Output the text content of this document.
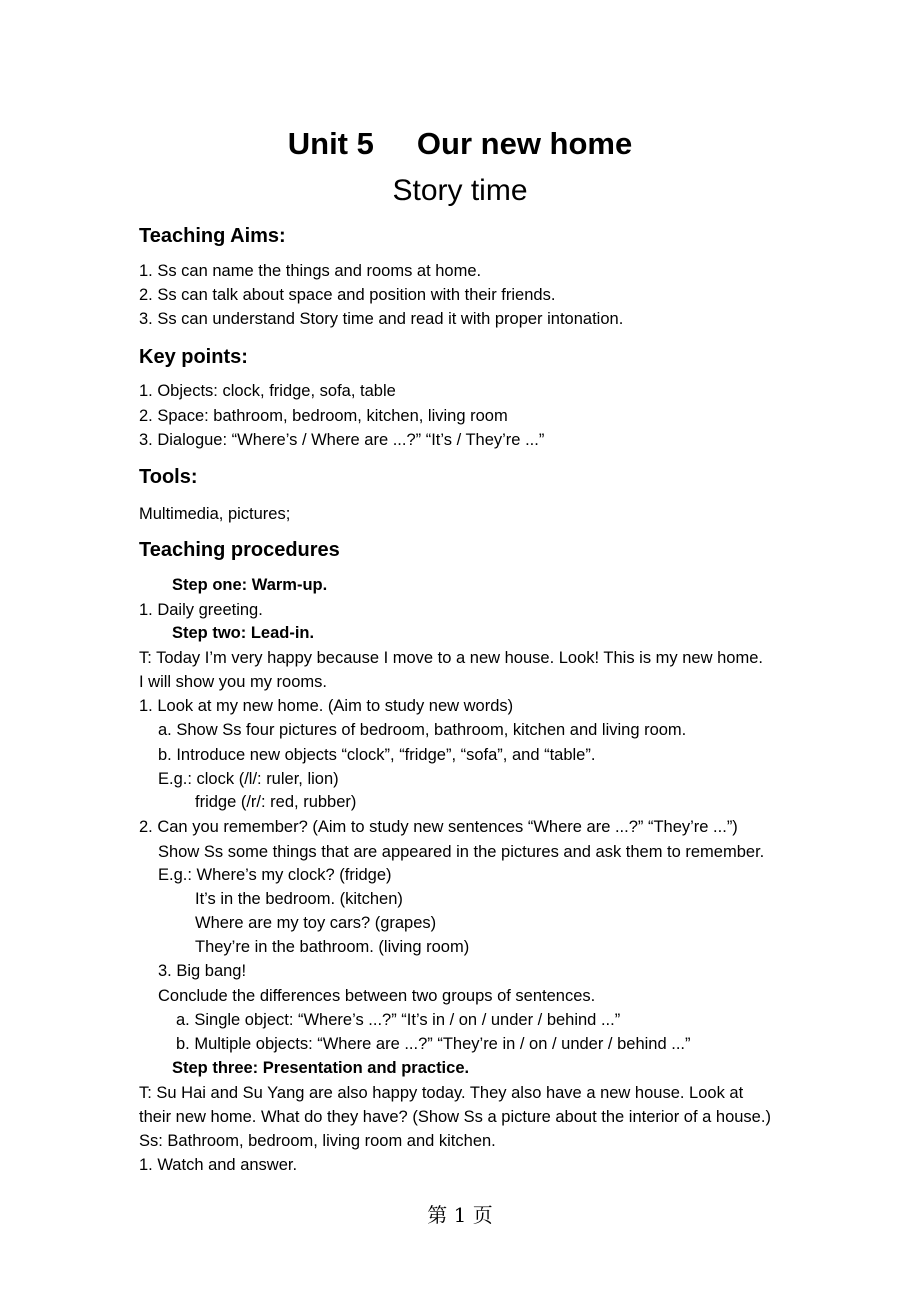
Unit 5     Our new home
Story time
Teaching Aims:
1. Ss can name the things and rooms at home.
2. Ss can talk about space and position with their friends.
3. Ss can understand Story time and read it with proper intonation.
Key points:
1. Objects: clock, fridge, sofa, table
2. Space: bathroom, bedroom, kitchen, living room
3. Dialogue: “Where’s / Where are ...?” “It’s / They’re ...”
Tools:
Multimedia, pictures;
Teaching procedures
Step one: Warm-up.
1. Daily greeting.
Step two: Lead-in.
T: Today I’m very happy because I move to a new house. Look! This is my new home.
I will show you my rooms.
1. Look at my new home. (Aim to study new words)
a. Show Ss four pictures of bedroom, bathroom, kitchen and living room.
b. Introduce new objects “clock”, “fridge”, “sofa”, and “table”.
E.g.: clock (/l/: ruler, lion)
fridge (/r/: red, rubber)
2. Can you remember? (Aim to study new sentences “Where are ...?” “They’re ...”)
Show Ss some things that are appeared in the pictures and ask them to remember.
E.g.: Where’s my clock? (fridge)
It’s in the bedroom. (kitchen)
Where are my toy cars? (grapes)
They’re in the bathroom. (living room)
3. Big bang!
Conclude the differences between two groups of sentences.
a. Single object: “Where’s ...?” “It’s in / on / under / behind ...”
b. Multiple objects: “Where are ...?” “They’re in / on / under / behind ...”
Step three: Presentation and practice.
T: Su Hai and Su Yang are also happy today. They also have a new house. Look at
their new home. What do they have? (Show Ss a picture about the interior of a house.)
Ss: Bathroom, bedroom, living room and kitchen.
1. Watch and answer.
第 1 页
